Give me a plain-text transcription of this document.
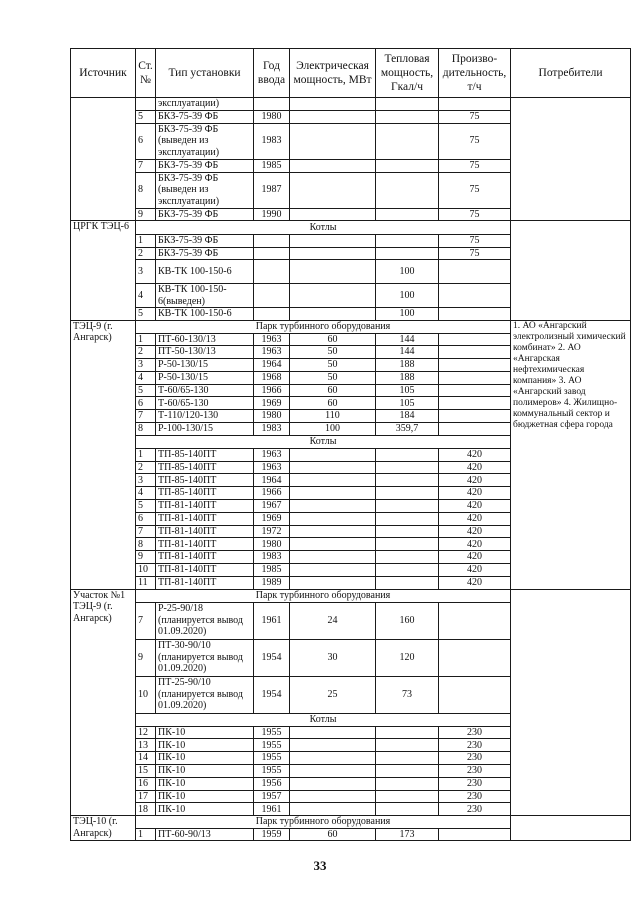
Источник	Ст. №	Тип установки	Год ввода	Электрическая мощность, МВт	Тепловая мощность, Гкал/ч	Произво-дительность, т/ч	Потребители
		эксплуатации)					
	5	БКЗ-75-39 ФБ	1980			75	
	6	БКЗ-75-39 ФБ (выведен из эксплуатации)	1983			75	
	7	БКЗ-75-39 ФБ	1985			75	
	8	БКЗ-75-39 ФБ (выведен из эксплуатации)	1987			75	
	9	БКЗ-75-39 ФБ	1990			75	
ЦРГК ТЭЦ-6	Котлы						
	1	БКЗ-75-39 ФБ				75	
	2	БКЗ-75-39 ФБ				75	
	3	КВ-ТК 100-150-6			100		
	4	КВ-ТК 100-150-6(выведен)			100		
	5	КВ-ТК 100-150-6			100		
ТЭЦ-9 (г. Ангарск)	Парк турбинного оборудования						1. АО «Ангарский электролизный химический комбинат» 2. АО «Ангарская нефтехимическая компания» 3. АО «Ангарский завод полимеров» 4. Жилищно-коммунальный сектор и бюджетная сфера города
	1	ПТ-60-130/13	1963	60	144		
	2	ПТ-50-130/13	1963	50	144		
	3	Р-50-130/15	1964	50	188		
	4	Р-50-130/15	1968	50	188		
	5	Т-60/65-130	1966	60	105		
	6	Т-60/65-130	1969	60	105		
	7	Т-110/120-130	1980	110	184		
	8	Р-100-130/15	1983	100	359,7		
	Котлы						
	1	ТП-85-140ПТ	1963			420	
	2	ТП-85-140ПТ	1963			420	
	3	ТП-85-140ПТ	1964			420	
	4	ТП-85-140ПТ	1966			420	
	5	ТП-81-140ПТ	1967			420	
	6	ТП-81-140ПТ	1969			420	
	7	ТП-81-140ПТ	1972			420	
	8	ТП-81-140ПТ	1980			420	
	9	ТП-81-140ПТ	1983			420	
	10	ТП-81-140ПТ	1985			420	
	11	ТП-81-140ПТ	1989			420	
Участок №1 ТЭЦ-9 (г. Ангарск)	Парк турбинного оборудования						
	7	Р-25-90/18 (планируется вывод 01.09.2020)	1961	24	160		
	9	ПТ-30-90/10 (планируется вывод 01.09.2020)	1954	30	120		
	10	ПТ-25-90/10 (планируется вывод 01.09.2020)	1954	25	73		
	Котлы						
	12	ПК-10	1955			230	
	13	ПК-10	1955			230	
	14	ПК-10	1955			230	
	15	ПК-10	1955			230	
	16	ПК-10	1956			230	
	17	ПК-10	1957			230	
	18	ПК-10	1961			230	
ТЭЦ-10 (г. Ангарск)	Парк турбинного оборудования						
	1	ПТ-60-90/13	1959	60	173		
33
